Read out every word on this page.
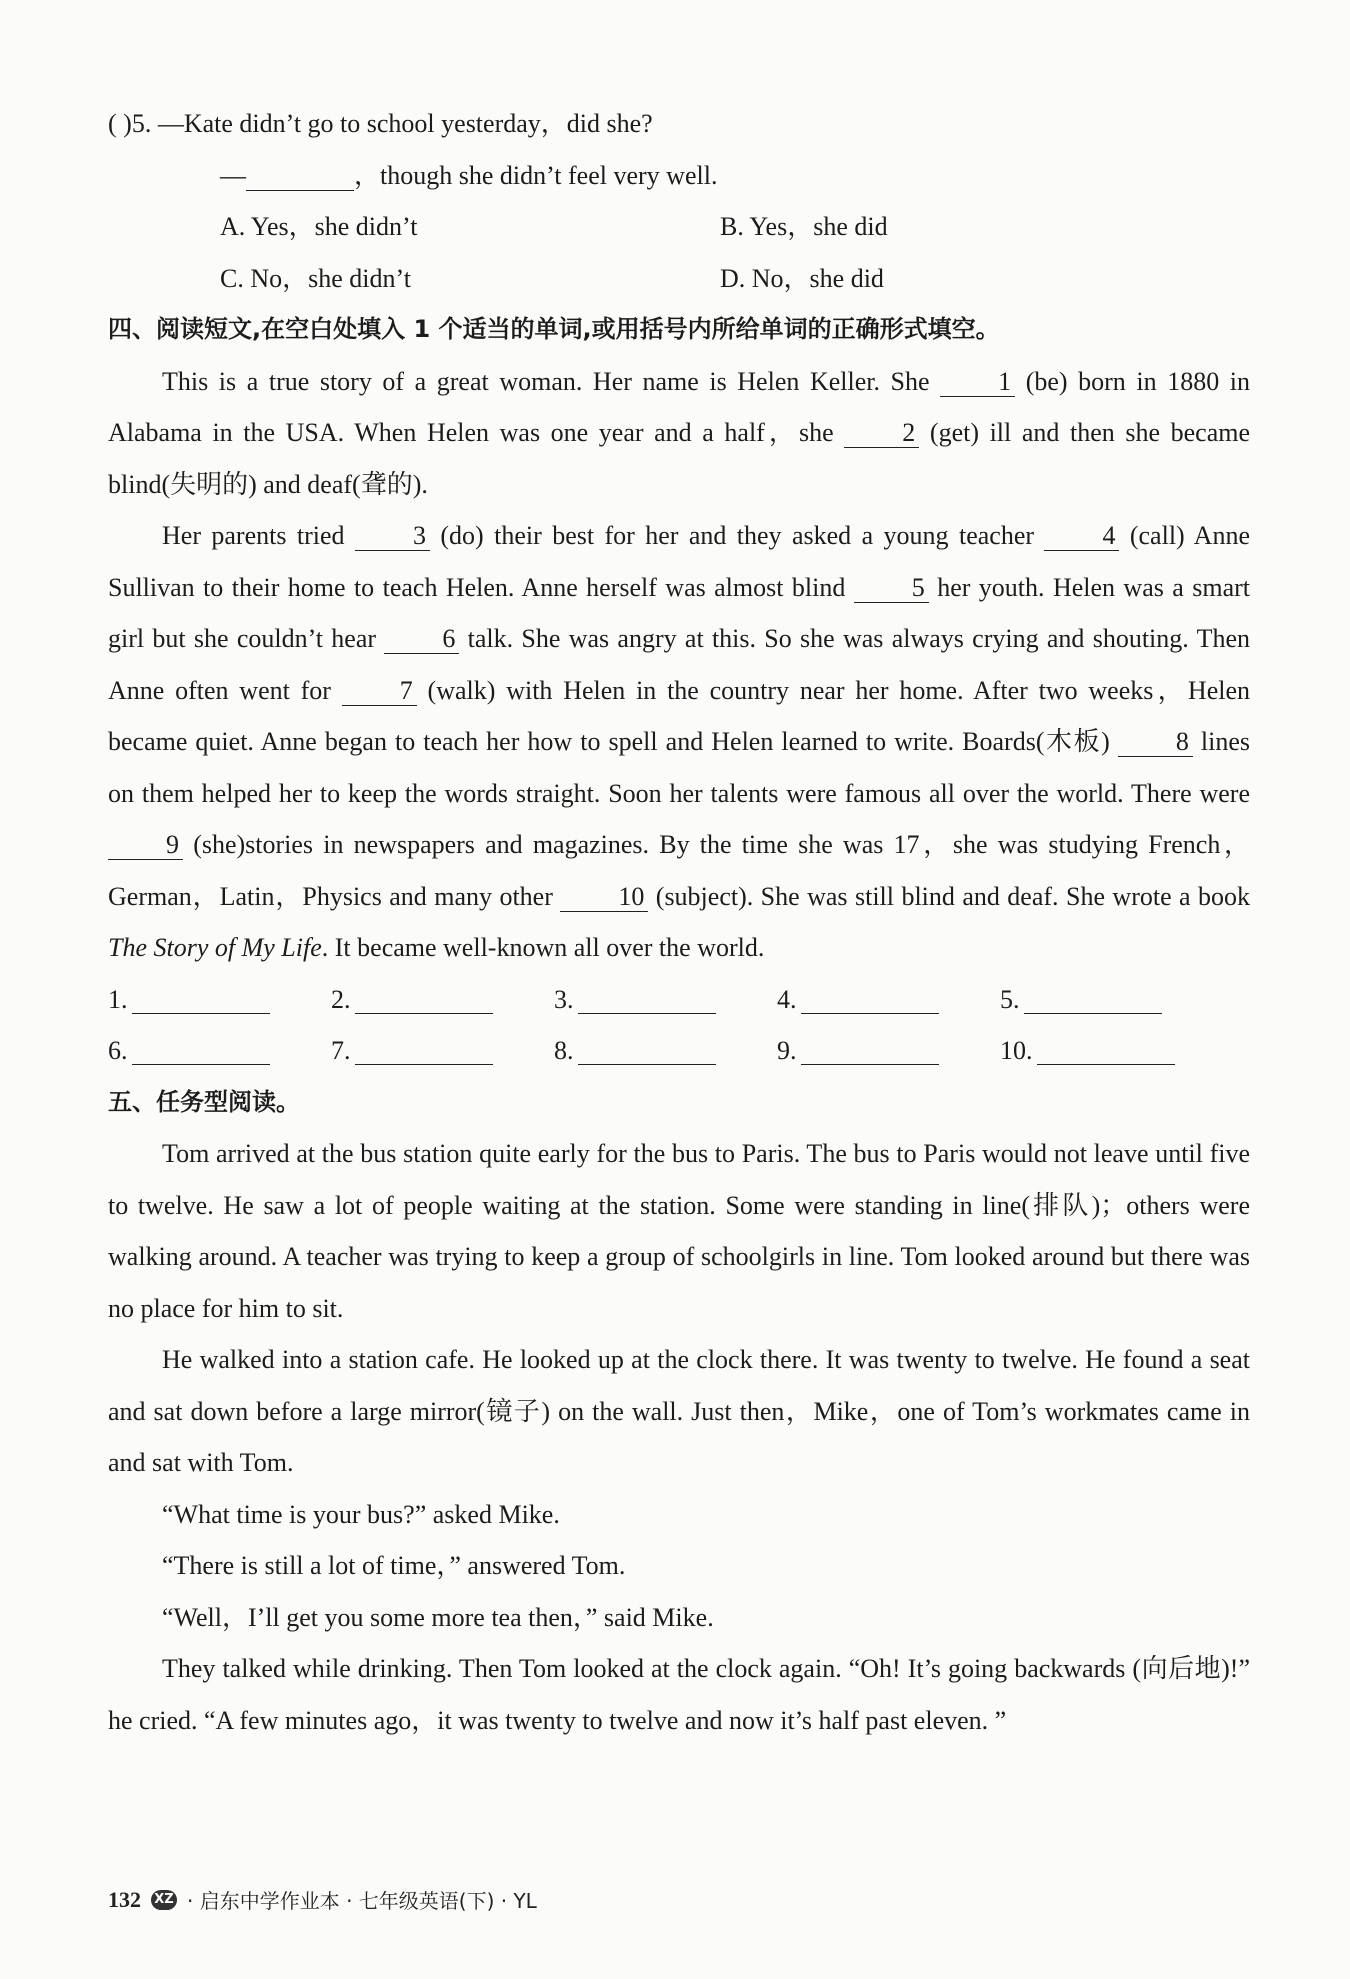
( )5. —Kate didn’t go to school yesterday，did she?
—	，though she didn’t feel very well.
A. Yes，she didn’t	B. Yes，she did
C. No，she didn’t	D. No，she did
四、阅读短文,在空白处填入 1 个适当的单词,或用括号内所给单词的正确形式填空。

This is a true story of a great woman. Her name is Helen Keller. She	1 (be) born in 1880 in Alabama in the USA. When Helen was one year and a half，she	2 (get) ill and then she became blind(失明的) and deaf(聋的).

Her parents tried	3 (do) their best for her and they asked a young teacher	4 (call) Anne Sullivan to their home to teach Helen. Anne herself was almost blind	5 her youth. Helen was a smart girl but she couldn’t hear	6 talk. She was angry at this. So she was always crying and shouting. Then Anne often went for	7 (walk) with Helen in the country near her home. After two weeks，Helen became quiet. Anne began to teach her how to spell and Helen learned to write. Boards(木板)	8 lines on them helped her to keep the words straight. Soon her talents were famous all over the world. There were 9 (she)stories in newspapers and magazines. By the time she was 17，she was studying French，German，Latin，Physics and many other	10 (subject). She was still blind and deaf. She wrote a book The Story of My Life. It became well-known all over the world.

1.	2.	3.	4.	5.
6.	7.	8.	9.	10.
五、任务型阅读。

Tom arrived at the bus station quite early for the bus to Paris. The bus to Paris would not leave until five to twelve. He saw a lot of people waiting at the station. Some were standing in line(排队)；others were walking around. A teacher was trying to keep a group of schoolgirls in line. Tom looked around but there was no place for him to sit.

He walked into a station cafe. He looked up at the clock there. It was twenty to twelve. He found a seat and sat down before a large mirror(镜子) on the wall. Just then，Mike，one of Tom’s workmates came in and sat with Tom.

“What time is your bus?” asked Mike.

“There is still a lot of time，” answered Tom.

“Well，I’ll get you some more tea then，” said Mike.

They talked while drinking. Then Tom looked at the clock again. “Oh! It’s going backwards (向后地)!” he cried. “A few minutes ago，it was twenty to twelve and now it’s half past eleven. ”

132 XZ · 启东中学作业本 · 七年级英语(下) · YL
